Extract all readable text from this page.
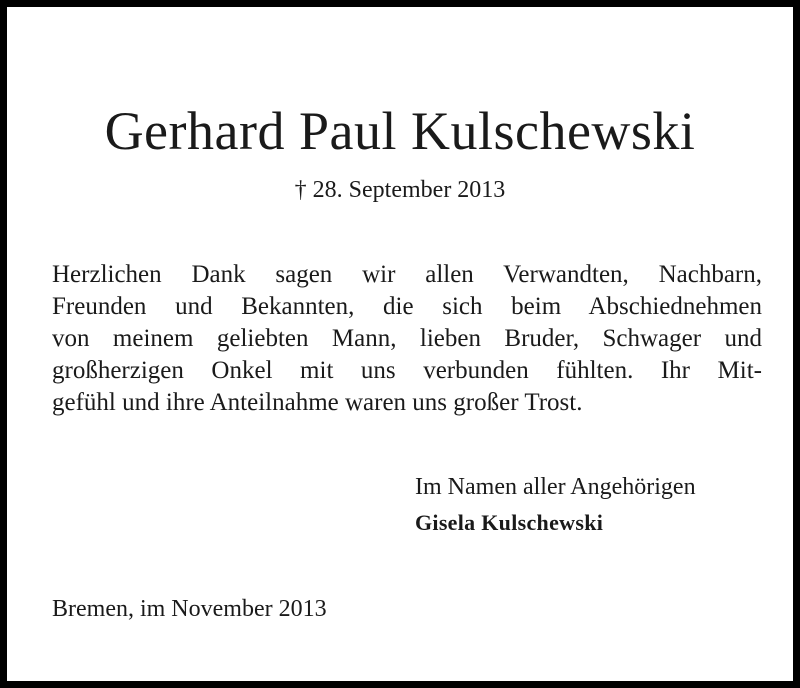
Gerhard Paul Kulschewski
† 28. September 2013
Herzlichen Dank sagen wir allen Verwandten, Nachbarn,
Freunden und Bekannten, die sich beim Abschiednehmen
von meinem geliebten Mann, lieben Bruder, Schwager und
großherzigen Onkel mit uns verbunden fühlten. Ihr Mit-
gefühl und ihre Anteilnahme waren uns großer Trost.
Im Namen aller Angehörigen
Gisela Kulschewski
Bremen, im November 2013
